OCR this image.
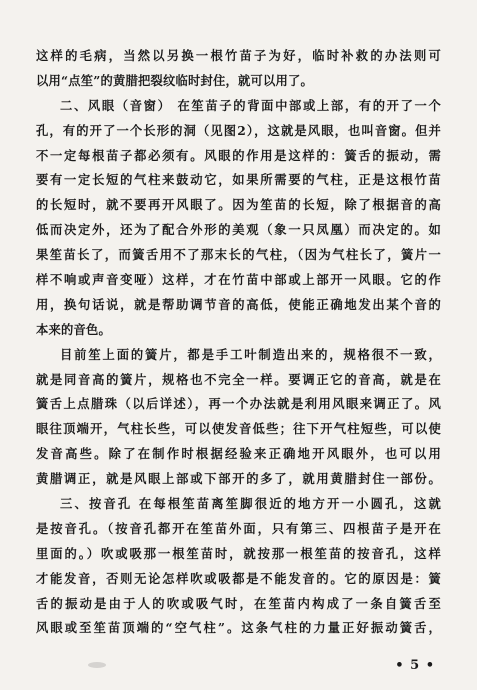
这样的毛病，当然以另换一根竹苗子为好，临时补救的办法则可
以用“点笙”的黄腊把裂纹临时封住，就可以用了。
二、风眼（音窗） 在笙苗子的背面中部或上部，有的开了一个
孔，有的开了一个长形的洞（见图2），这就是风眼，也叫音窗。但并
不一定每根苗子都必须有。风眼的作用是这样的：簧舌的振动，需
要有一定长短的气柱来鼓动它，如果所需要的气柱，正是这根竹苗
的长短时，就不要再开风眼了。因为笙苗的长短，除了根据音的高
低而决定外，还为了配合外形的美观（象一只凤凰）而决定的。如
果笙苗长了，而簧舌用不了那末长的气柱，（因为气柱长了，簧片一
样不响或声音变哑）这样，才在竹苗中部或上部开一风眼。它的作
用，换句话说，就是帮助调节音的高低，使能正确地发出某个音的
本来的音色。
目前笙上面的簧片，都是手工叶制造出来的，规格很不一致，
就是同音高的簧片，规格也不完全一样。要调正它的音高，就是在
簧舌上点腊珠（以后详述），再一个办法就是利用风眼来调正了。风
眼往顶端开，气柱长些，可以使发音低些；往下开气柱短些，可以使
发音高些。除了在制作时根据经验来正确地开风眼外，也可以用
黄腊调正，就是风眼上部或下部开的多了，就用黄腊封住一部份。
三、按音孔 在每根笙苗离笙脚很近的地方开一小圆孔，这就
是按音孔。（按音孔都开在笙苗外面，只有第三、四根苗子是开在
里面的。）吹或吸那一根笙苗时，就按那一根笙苗的按音孔，这样
才能发音，否则无论怎样吹或吸都是不能发音的。它的原因是：簧
舌的振动是由于人的吹或吸气时，在笙苗内构成了一条自簧舌至
风眼或至笙苗顶端的“空气柱”。这条气柱的力量正好振动簧舌，
• 5 •
